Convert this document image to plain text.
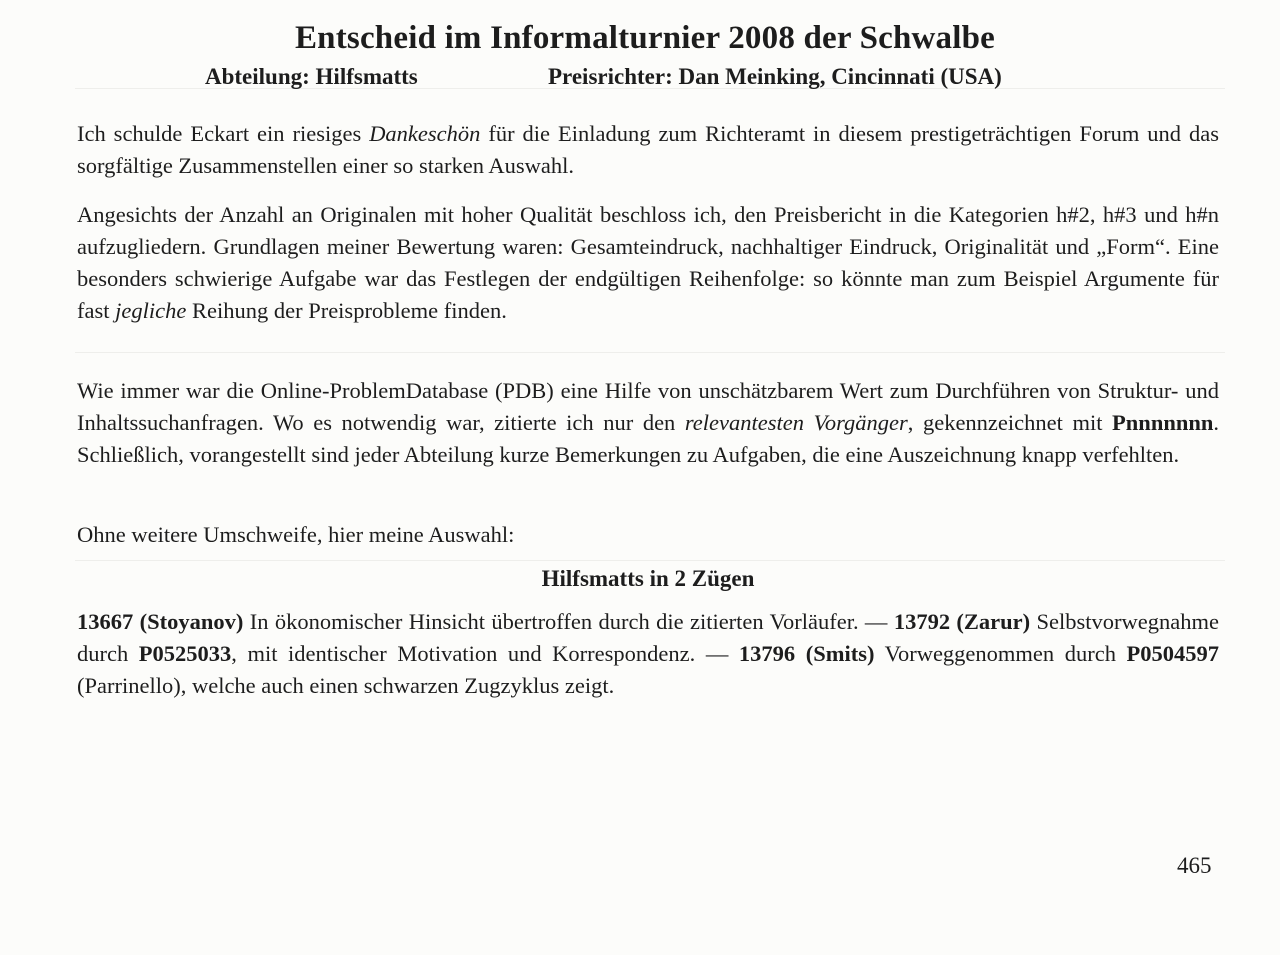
Entscheid im Informalturnier 2008 der Schwalbe
Abteilung: Hilfsmatts	Preisrichter: Dan Meinking, Cincinnati (USA)
Ich schulde Eckart ein riesiges Dankeschön für die Einladung zum Richteramt in diesem prestigeträchtigen Forum und das sorgfältige Zusammenstellen einer so starken Auswahl.
Angesichts der Anzahl an Originalen mit hoher Qualität beschloss ich, den Preisbericht in die Kategorien h#2, h#3 und h#n aufzugliedern. Grundlagen meiner Bewertung waren: Gesamteindruck, nachhaltiger Eindruck, Originalität und „Form“. Eine besonders schwierige Aufgabe war das Festlegen der endgültigen Reihenfolge: so könnte man zum Beispiel Argumente für fast jegliche Reihung der Preisprobleme finden.
Wie immer war die Online-ProblemDatabase (PDB) eine Hilfe von unschätzbarem Wert zum Durchführen von Struktur- und Inhaltssuchanfragen. Wo es notwendig war, zitierte ich nur den relevantesten Vorgänger, gekennzeichnet mit Pnnnnnnn. Schließlich, vorangestellt sind jeder Abteilung kurze Bemerkungen zu Aufgaben, die eine Auszeichnung knapp verfehlten.
Ohne weitere Umschweife, hier meine Auswahl:
Hilfsmatts in 2 Zügen
13667 (Stoyanov) In ökonomischer Hinsicht übertroffen durch die zitierten Vorläufer. — 13792 (Zarur) Selbstvorwegnahme durch P0525033, mit identischer Motivation und Korrespondenz. — 13796 (Smits) Vorweggenommen durch P0504597 (Parrinello), welche auch einen schwarzen Zugzyklus zeigt.
465
